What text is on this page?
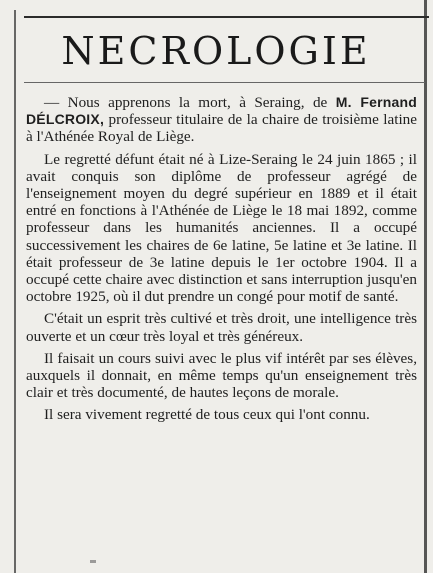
NECROLOGIE

— Nous apprenons la mort, à Seraing, de M. Fernand DÉLCROIX, professeur titulaire de la chaire de troisième latine à l'Athénée Royal de Liège.

Le regretté défunt était né à Lize-Seraing le 24 juin 1865 ; il avait conquis son diplôme de professeur agrégé de l'enseignement moyen du degré supérieur en 1889 et il était entré en fonctions à l'Athénée de Liège le 18 mai 1892, comme professeur dans les humanités anciennes. Il a occupé successivement les chaires de 6e latine, 5e latine et 3e latine. Il était professeur de 3e latine depuis le 1er octobre 1904. Il a occupé cette chaire avec distinction et sans interruption jusqu'en octobre 1925, où il dut prendre un congé pour motif de santé.

C'était un esprit très cultivé et très droit, une intelligence très ouverte et un cœur très loyal et très généreux.

Il faisait un cours suivi avec le plus vif intérêt par ses élèves, auxquels il donnait, en même temps qu'un enseignement très clair et très documenté, de hautes leçons de morale.

Il sera vivement regretté de tous ceux qui l'ont connu.
